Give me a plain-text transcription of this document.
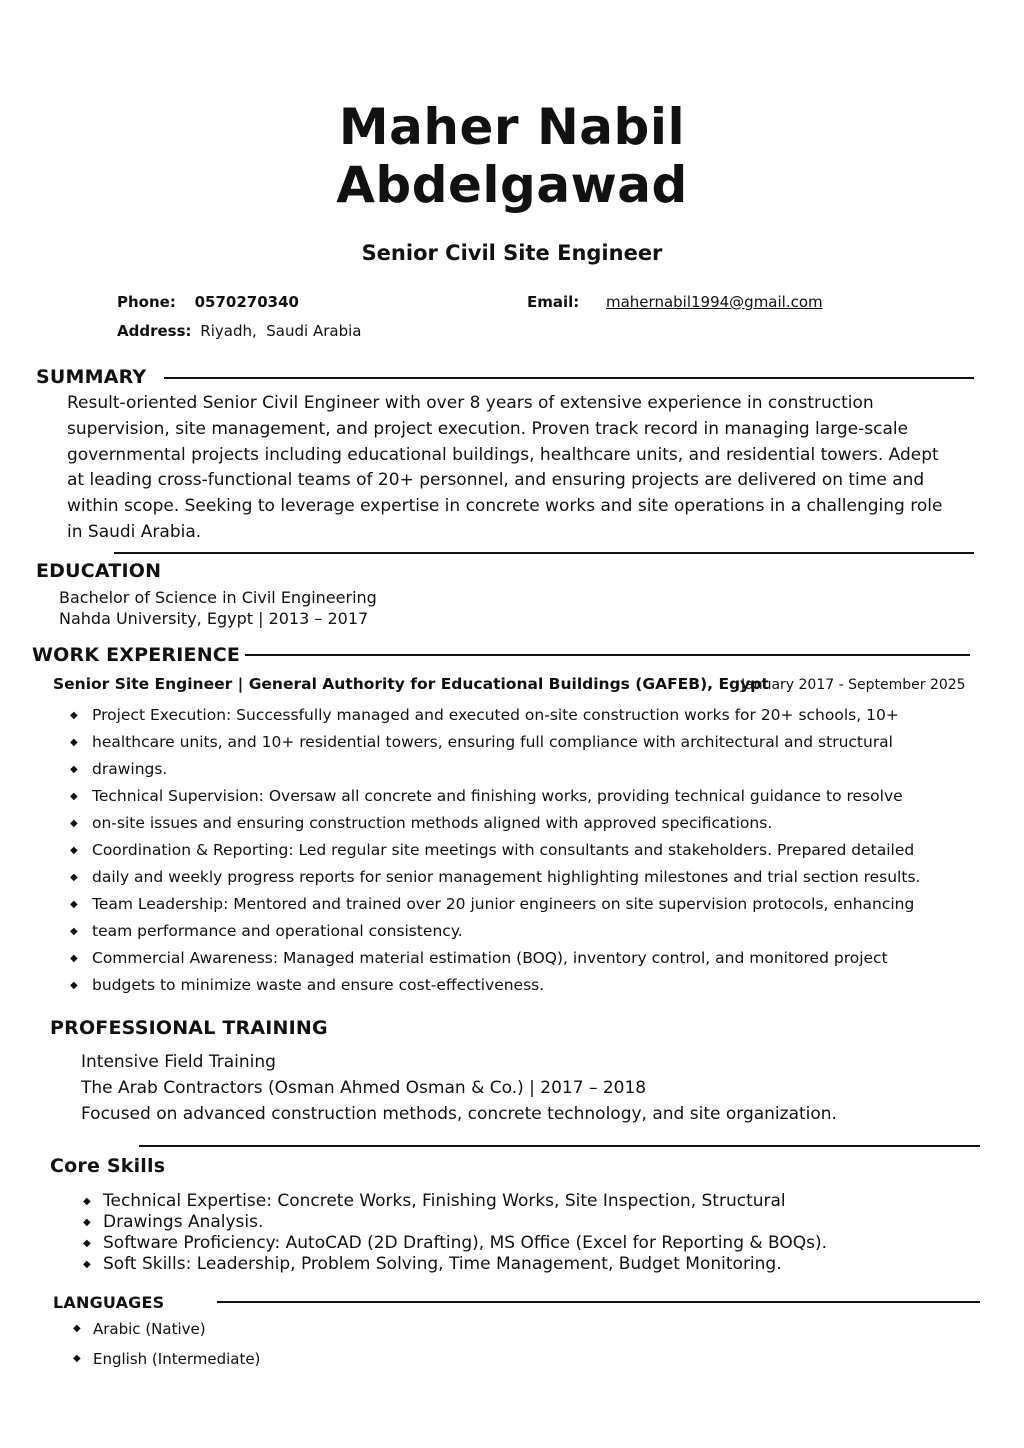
Maher Nabil
Abdelgawad
Senior Civil Site Engineer
Phone: 0570270340	Email: mahernabil1994@gmail.com
Address: Riyadh,  Saudi Arabia
SUMMARY
Result-oriented Senior Civil Engineer with over 8 years of extensive experience in construction
supervision, site management, and project execution. Proven track record in managing large-scale
governmental projects including educational buildings, healthcare units, and residential towers. Adept
at leading cross-functional teams of 20+ personnel, and ensuring projects are delivered on time and
within scope. Seeking to leverage expertise in concrete works and site operations in a challenging role
in Saudi Arabia.
EDUCATION
Bachelor of Science in Civil Engineering
Nahda University, Egypt | 2013 – 2017
WORK EXPERIENCE
Senior Site Engineer | General Authority for Educational Buildings (GAFEB), Egypt
January 2017 - September 2025
◆ Project Execution: Successfully managed and executed on-site construction works for 20+ schools, 10+
◆ healthcare units, and 10+ residential towers, ensuring full compliance with architectural and structural
◆ drawings.
◆ Technical Supervision: Oversaw all concrete and finishing works, providing technical guidance to resolve
◆ on-site issues and ensuring construction methods aligned with approved specifications.
◆ Coordination & Reporting: Led regular site meetings with consultants and stakeholders. Prepared detailed
◆ daily and weekly progress reports for senior management highlighting milestones and trial section results.
◆ Team Leadership: Mentored and trained over 20 junior engineers on site supervision protocols, enhancing
◆ team performance and operational consistency.
◆ Commercial Awareness: Managed material estimation (BOQ), inventory control, and monitored project
◆ budgets to minimize waste and ensure cost-effectiveness.
PROFESSIONAL TRAINING
Intensive Field Training
The Arab Contractors (Osman Ahmed Osman & Co.) | 2017 – 2018
Focused on advanced construction methods, concrete technology, and site organization.
Core Skills
◆ Technical Expertise: Concrete Works, Finishing Works, Site Inspection, Structural
◆ Drawings Analysis.
◆ Software Proficiency: AutoCAD (2D Drafting), MS Office (Excel for Reporting & BOQs).
◆ Soft Skills: Leadership, Problem Solving, Time Management, Budget Monitoring.
LANGUAGES
◆ Arabic (Native)
◆ English (Intermediate)
